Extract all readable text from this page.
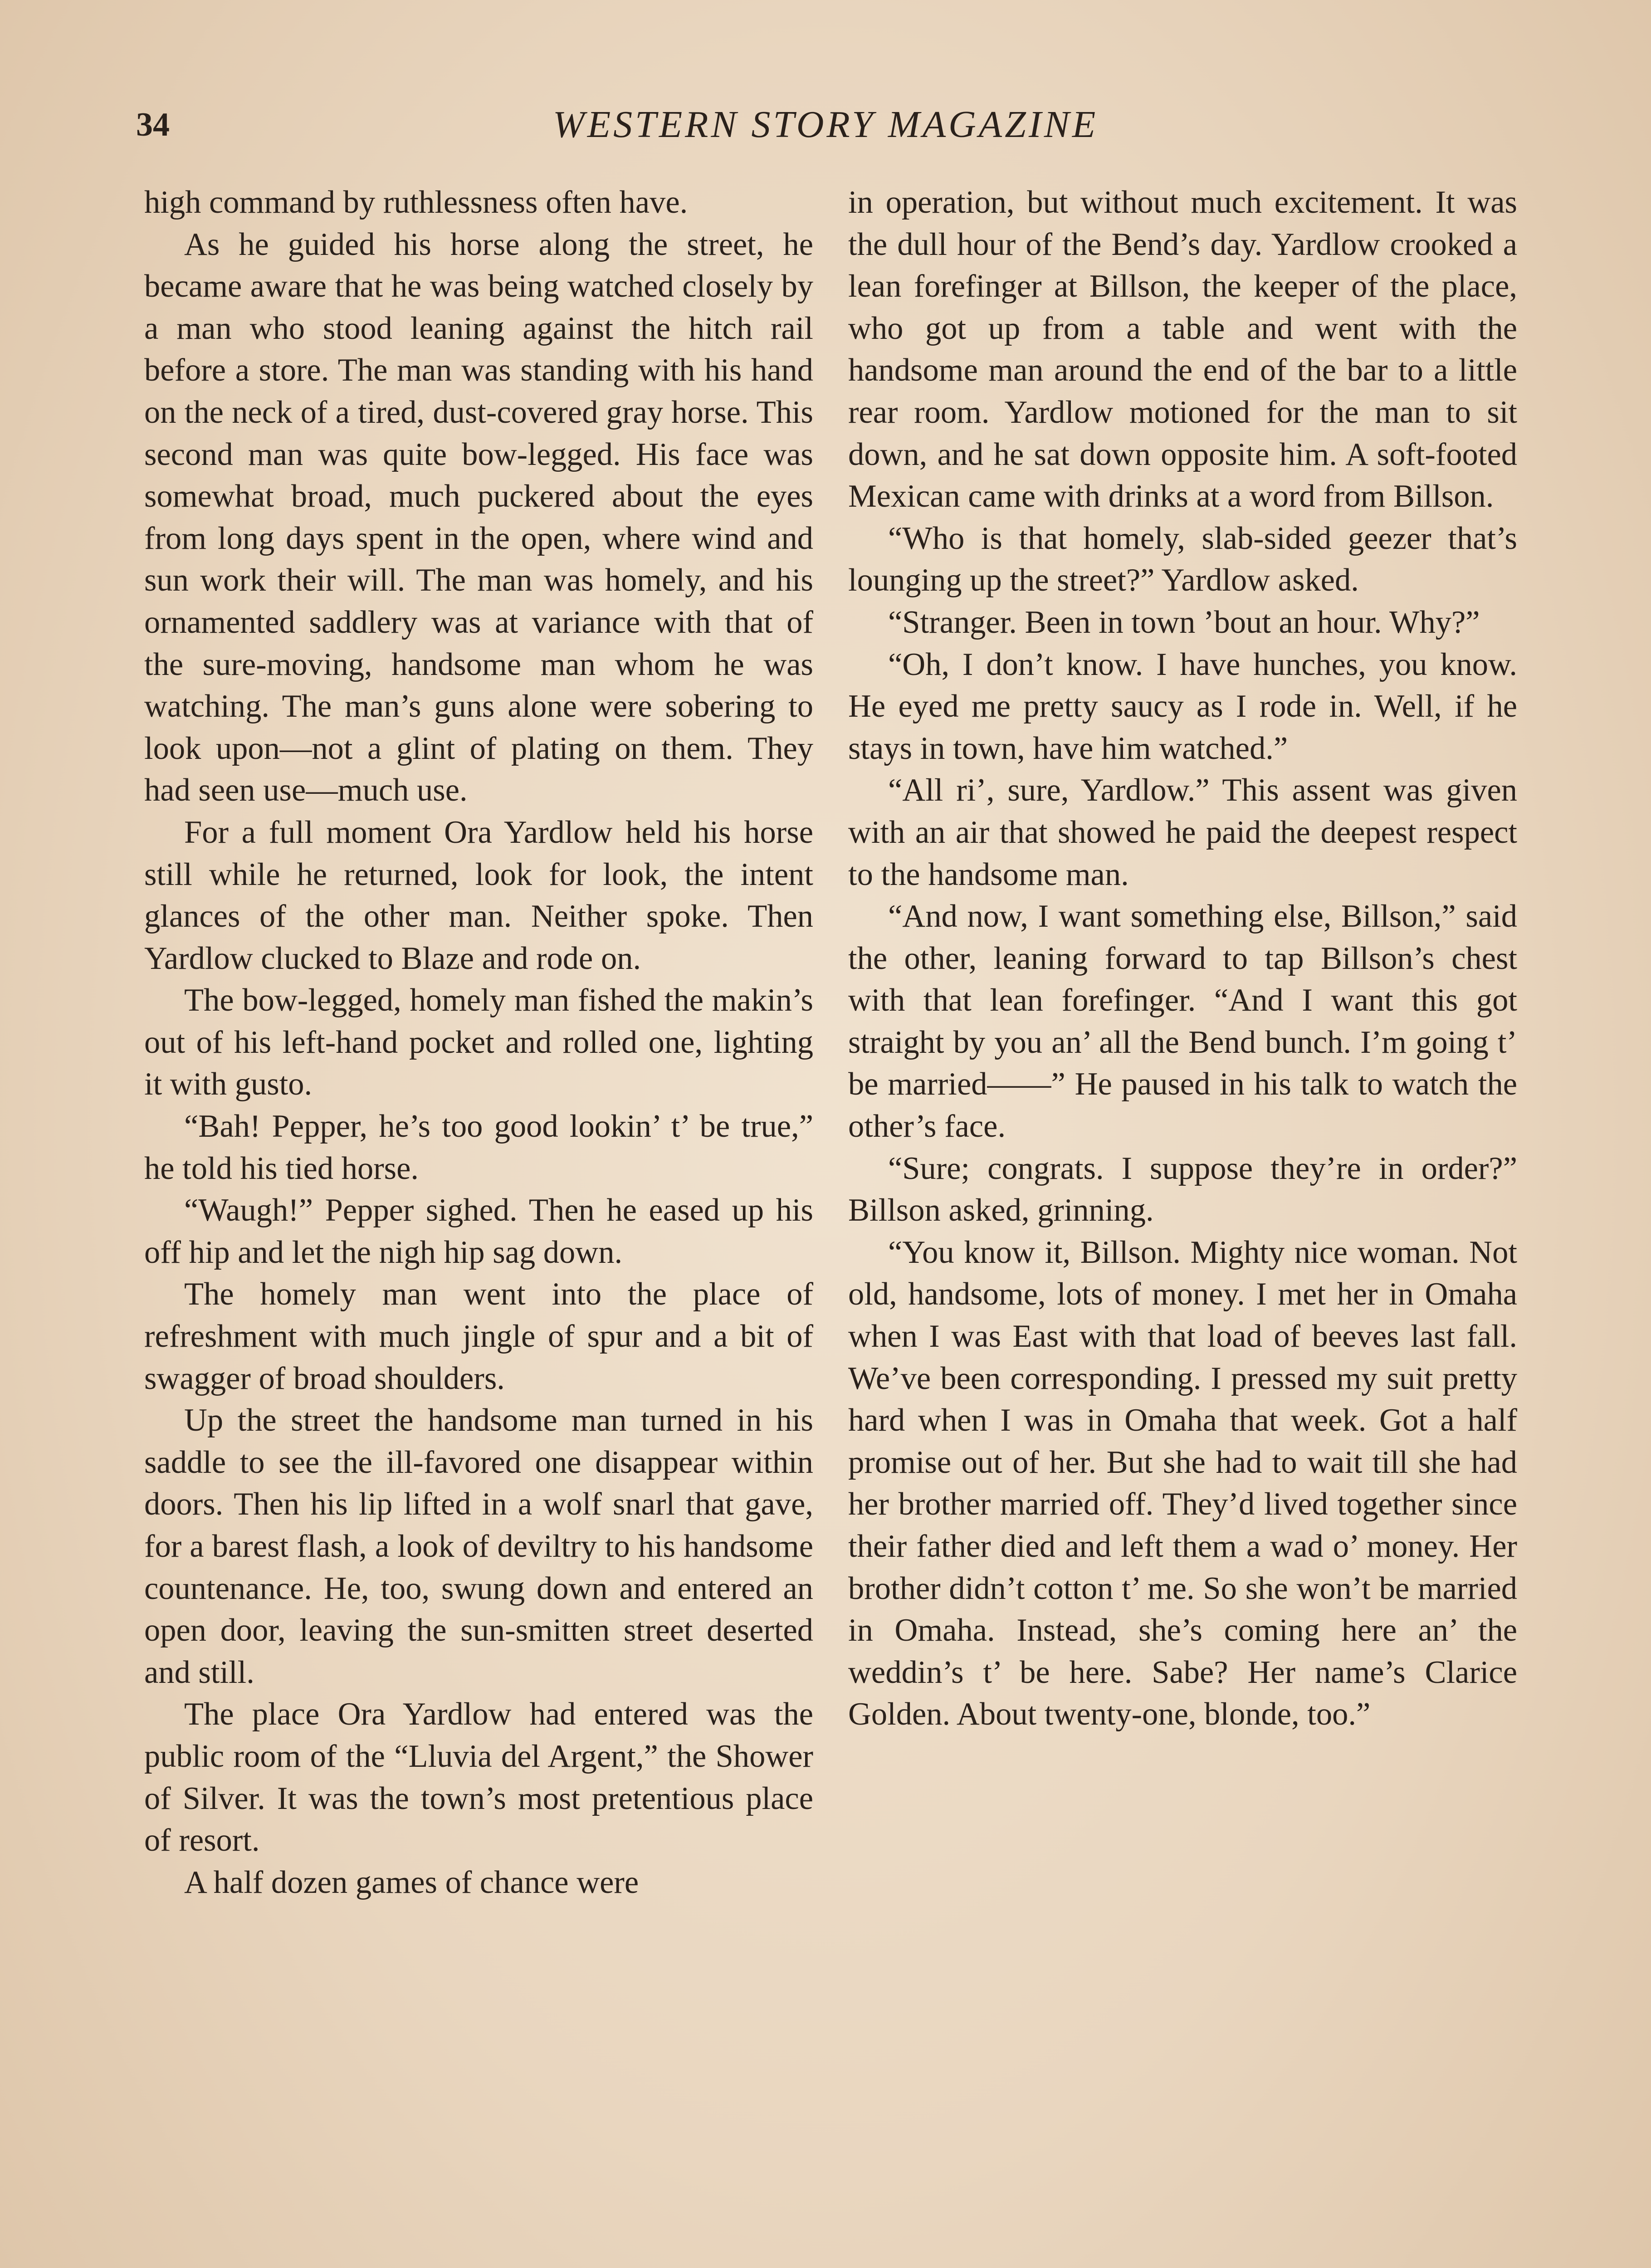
34	WESTERN STORY MAGAZINE

high command by ruthlessness often have.

As he guided his horse along the street, he became aware that he was being watched closely by a man who stood leaning against the hitch rail before a store. The man was standing with his hand on the neck of a tired, dust-covered gray horse. This second man was quite bow-legged. His face was somewhat broad, much puckered about the eyes from long days spent in the open, where wind and sun work their will. The man was homely, and his ornamented saddlery was at variance with that of the sure-moving, handsome man whom he was watching. The man’s guns alone were sobering to look upon—not a glint of plating on them. They had seen use—much use.

For a full moment Ora Yardlow held his horse still while he returned, look for look, the intent glances of the other man. Neither spoke. Then Yardlow clucked to Blaze and rode on.

The bow-legged, homely man fished the makin’s out of his left-hand pocket and rolled one, lighting it with gusto.

“Bah! Pepper, he’s too good lookin’ t’ be true,” he told his tied horse.

“Waugh!” Pepper sighed. Then he eased up his off hip and let the nigh hip sag down.

The homely man went into the place of refreshment with much jingle of spur and a bit of swagger of broad shoulders.

Up the street the handsome man turned in his saddle to see the ill-favored one disappear within doors. Then his lip lifted in a wolf snarl that gave, for a barest flash, a look of deviltry to his handsome countenance. He, too, swung down and entered an open door, leaving the sun-smitten street deserted and still.

The place Ora Yardlow had entered was the public room of the “Lluvia del Argent,” the Shower of Silver. It was the town’s most pretentious place of resort.

A half dozen games of chance were

in operation, but without much excitement. It was the dull hour of the Bend’s day. Yardlow crooked a lean forefinger at Billson, the keeper of the place, who got up from a table and went with the handsome man around the end of the bar to a little rear room. Yardlow motioned for the man to sit down, and he sat down opposite him. A soft-footed Mexican came with drinks at a word from Billson.

“Who is that homely, slab-sided geezer that’s lounging up the street?” Yardlow asked.

“Stranger. Been in town ’bout an hour. Why?”

“Oh, I don’t know. I have hunches, you know. He eyed me pretty saucy as I rode in. Well, if he stays in town, have him watched.”

“All ri’, sure, Yardlow.” This assent was given with an air that showed he paid the deepest respect to the handsome man.

“And now, I want something else, Billson,” said the other, leaning forward to tap Billson’s chest with that lean forefinger. “And I want this got straight by you an’ all the Bend bunch. I’m going t’ be married——” He paused in his talk to watch the other’s face.

“Sure; congrats. I suppose they’re in order?” Billson asked, grinning.

“You know it, Billson. Mighty nice woman. Not old, handsome, lots of money. I met her in Omaha when I was East with that load of beeves last fall. We’ve been corresponding. I pressed my suit pretty hard when I was in Omaha that week. Got a half promise out of her. But she had to wait till she had her brother married off. They’d lived together since their father died and left them a wad o’ money. Her brother didn’t cotton t’ me. So she won’t be married in Omaha. Instead, she’s coming here an’ the weddin’s t’ be here. Sabe? Her name’s Clarice Golden. About twenty-one, blonde, too.”
